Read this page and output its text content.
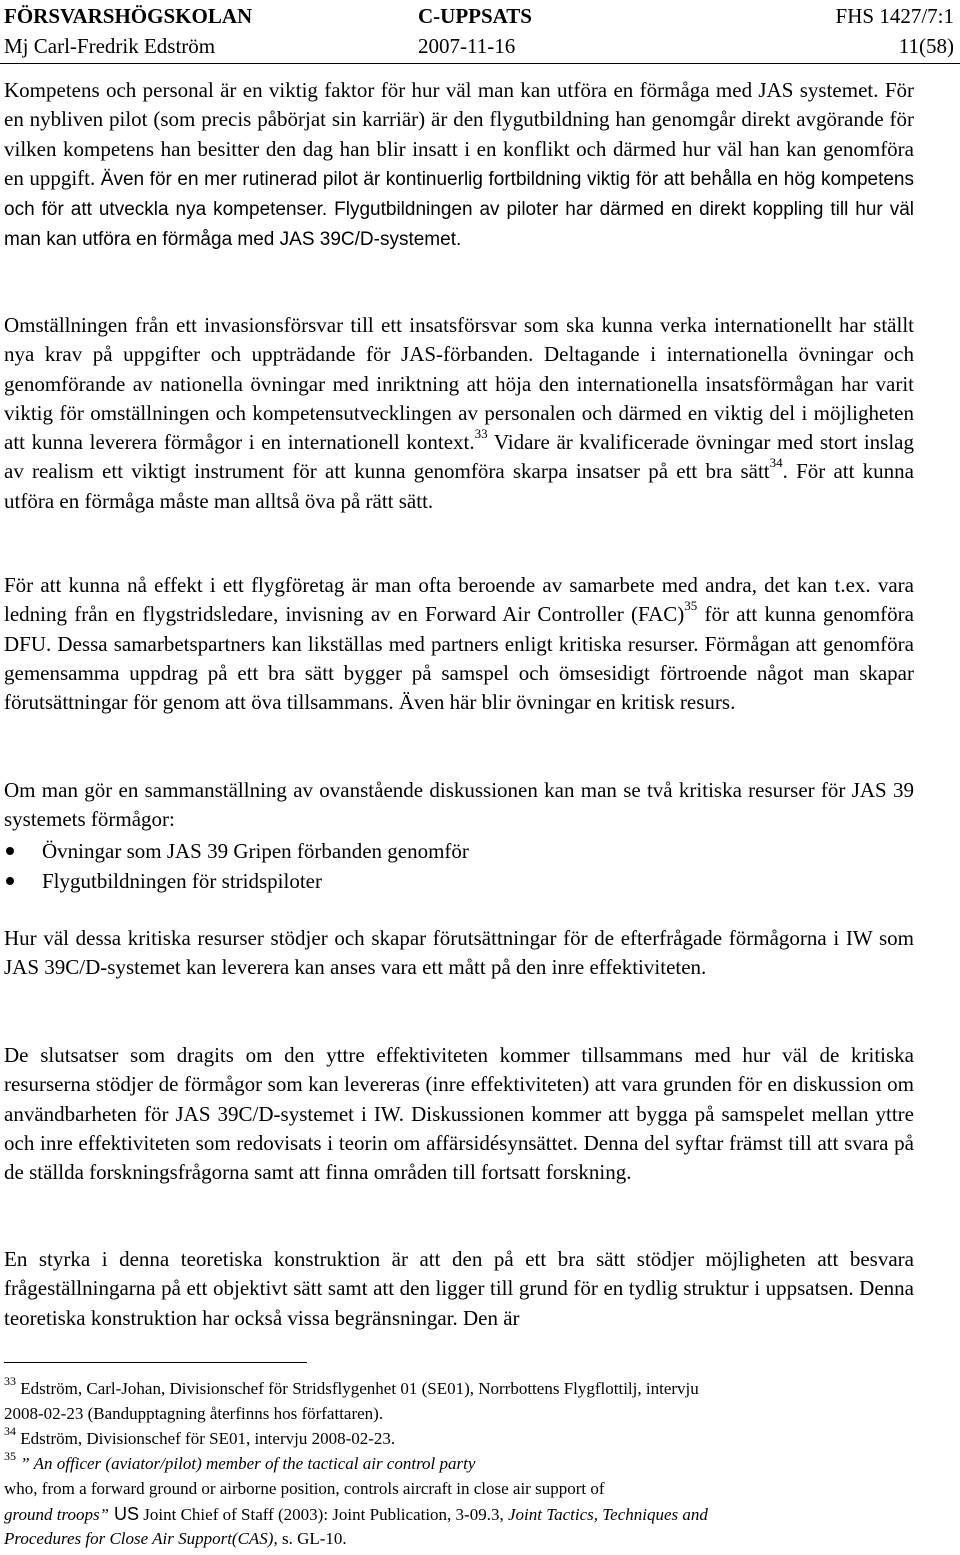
FÖRSVARSHÖGSKOLAN	C-UPPSATS	FHS 1427/7:1
Mj Carl-Fredrik Edström	2007-11-16	11(58)

Kompetens och personal är en viktig faktor för hur väl man kan utföra en förmåga med JAS systemet. För en nybliven pilot (som precis påbörjat sin karriär) är den flygutbildning han genomgår direkt avgörande för vilken kompetens han besitter den dag han blir insatt i en konflikt och därmed hur väl han kan genomföra en uppgift. Även för en mer rutinerad pilot är kontinuerlig fortbildning viktig för att behålla en hög kompetens och för att utveckla nya kompetenser. Flygutbildningen av piloter har därmed en direkt koppling till hur väl man kan utföra en förmåga med JAS 39C/D-systemet.

Omställningen från ett invasionsförsvar till ett insatsförsvar som ska kunna verka internationellt har ställt nya krav på uppgifter och uppträdande för JAS-förbanden. Deltagande i internationella övningar och genomförande av nationella övningar med inriktning att höja den internationella insatsförmågan har varit viktig för omställningen och kompetensutvecklingen av personalen och därmed en viktig del i möjligheten att kunna leverera förmågor i en internationell kontext.$^{33}$ Vidare är kvalificerade övningar med stort inslag av realism ett viktigt instrument för att kunna genomföra skarpa insatser på ett bra sätt$^{34}$. För att kunna utföra en förmåga måste man alltså öva på rätt sätt.

För att kunna nå effekt i ett flygföretag är man ofta beroende av samarbete med andra, det kan t.ex. vara ledning från en flygstridsledare, invisning av en Forward Air Controller (FAC)$^{35}$ för att kunna genomföra DFU. Dessa samarbetspartners kan likställas med partners enligt kritiska resurser. Förmågan att genomföra gemensamma uppdrag på ett bra sätt bygger på samspel och ömsesidigt förtroende något man skapar förutsättningar för genom att öva tillsammans. Även här blir övningar en kritisk resurs.

Om man gör en sammanställning av ovanstående diskussionen kan man se två kritiska resurser för JAS 39 systemets förmågor:

Övningar som JAS 39 Gripen förbanden genomför
Flygutbildningen för stridspiloter

Hur väl dessa kritiska resurser stödjer och skapar förutsättningar för de efterfrågade förmågorna i IW som JAS 39C/D-systemet kan leverera kan anses vara ett mått på den inre effektiviteten.

De slutsatser som dragits om den yttre effektiviteten kommer tillsammans med hur väl de kritiska resurserna stödjer de förmågor som kan levereras (inre effektiviteten) att vara grunden för en diskussion om användbarheten för JAS 39C/D-systemet i IW. Diskussionen kommer att bygga på samspelet mellan yttre och inre effektiviteten som redovisats i teorin om affärsidésynsättet. Denna del syftar främst till att svara på de ställda forskningsfrågorna samt att finna områden till fortsatt forskning.

En styrka i denna teoretiska konstruktion är att den på ett bra sätt stödjer möjligheten att besvara frågeställningarna på ett objektivt sätt samt att den ligger till grund för en tydlig struktur i uppsatsen. Denna teoretiska konstruktion har också vissa begränsningar. Den är

$^{33}$ Edström, Carl-Johan, Divisionschef för Stridsflygenhet 01 (SE01), Norrbottens Flygflottilj, intervju
2008-02-23 (Bandupptagning återfinns hos författaren).
$^{34}$ Edström, Divisionschef för SE01, intervju 2008-02-23.
$^{35}$ ” An officer (aviator/pilot) member of the tactical air control party
who, from a forward ground or airborne position, controls aircraft in close air support of
ground troops” US Joint Chief of Staff (2003): Joint Publication, 3-09.3, Joint Tactics, Techniques and
Procedures for Close Air Support(CAS), s. GL-10.
